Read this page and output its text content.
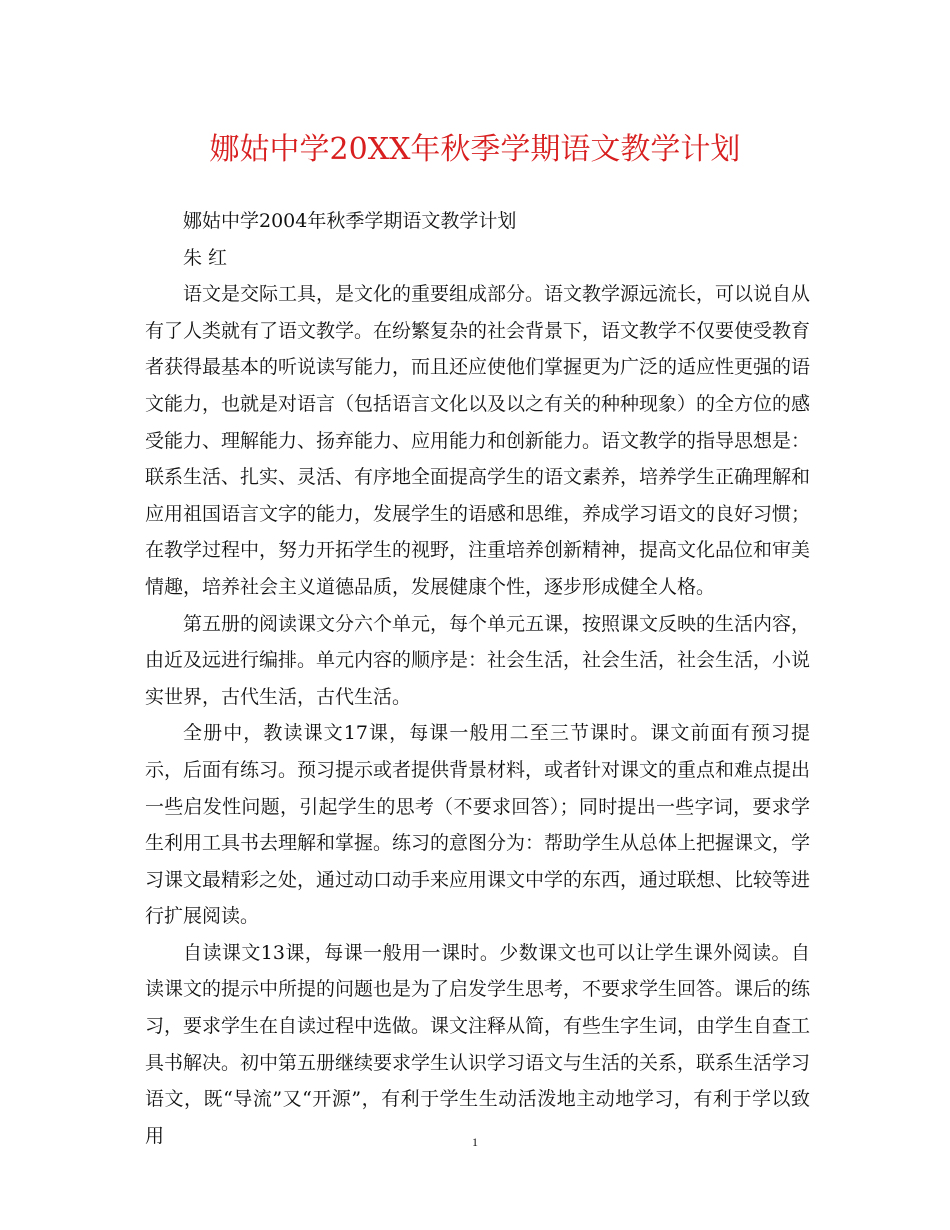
娜姑中学20XX年秋季学期语文教学计划

娜姑中学2004年秋季学期语文教学计划

朱 红

语文是交际工具，是文化的重要组成部分。语文教学源远流长，可以说自从有了人类就有了语文教学。在纷繁复杂的社会背景下，语文教学不仅要使受教育者获得最基本的听说读写能力，而且还应使他们掌握更为广泛的适应性更强的语文能力，也就是对语言（包括语言文化以及以之有关的种种现象）的全方位的感受能力、理解能力、扬弃能力、应用能力和创新能力。语文教学的指导思想是：联系生活、扎实、灵活、有序地全面提高学生的语文素养，培养学生正确理解和应用祖国语言文字的能力，发展学生的语感和思维，养成学习语文的良好习惯；在教学过程中，努力开拓学生的视野，注重培养创新精神，提高文化品位和审美情趣，培养社会主义道德品质，发展健康个性，逐步形成健全人格。

第五册的阅读课文分六个单元，每个单元五课，按照课文反映的生活内容，由近及远进行编排。单元内容的顺序是：社会生活，社会生活，社会生活，小说实世界，古代生活，古代生活。

全册中，教读课文17课，每课一般用二至三节课时。课文前面有预习提示，后面有练习。预习提示或者提供背景材料，或者针对课文的重点和难点提出一些启发性问题，引起学生的思考（不要求回答）；同时提出一些字词，要求学生利用工具书去理解和掌握。练习的意图分为：帮助学生从总体上把握课文，学习课文最精彩之处，通过动口动手来应用课文中学的东西，通过联想、比较等进行扩展阅读。

自读课文13课，每课一般用一课时。少数课文也可以让学生课外阅读。自读课文的提示中所提的问题也是为了启发学生思考，不要求学生回答。课后的练习，要求学生在自读过程中选做。课文注释从简，有些生字生词，由学生自查工具书解决。初中第五册继续要求学生认识学习语文与生活的关系，联系生活学习语文，既“导流”又“开源”，有利于学生生动活泼地主动地学习，有利于学以致用	1
